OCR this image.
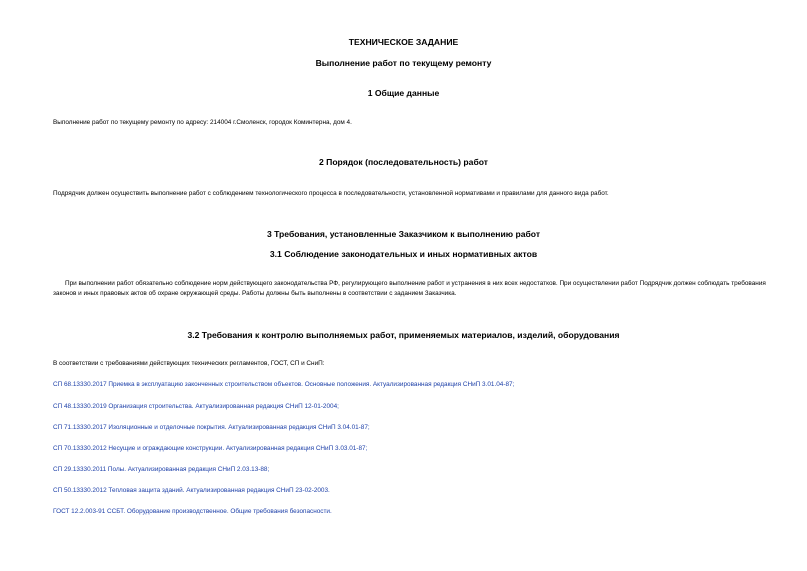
ТЕХНИЧЕСКОЕ ЗАДАНИЕ
Выполнение работ по текущему ремонту
1 Общие данные
Выполнение работ по текущему ремонту по адресу: 214004 г.Смоленск, городок Коминтерна, дом 4.
2 Порядок (последовательность) работ
Подрядчик должен осуществить выполнение работ с соблюдением технологического процесса в последовательности, установленной нормативами и правилами для данного вида работ.
3 Требования, установленные Заказчиком к выполнению работ
3.1 Соблюдение законодательных и иных нормативных актов
При выполнении работ обязательно соблюдение норм действующего законодательства РФ, регулирующего выполнение работ и устранения в них всех недостатков. При осуществлении работ Подрядчик должен соблюдать требования законов и иных правовых актов об охране окружающей среды. Работы должны быть выполнены в соответствии с заданием Заказчика.
3.2 Требования к контролю выполняемых работ, применяемых материалов, изделий, оборудования
В соответствии с требованиями действующих технических регламентов, ГОСТ, СП и СниП:
СП 68.13330.2017 Приемка в эксплуатацию законченных строительством объектов. Основные положения. Актуализированная редакция СНиП 3.01.04-87;
СП 48.13330.2019 Организация строительства. Актуализированная редакция СНиП 12-01-2004;
СП 71.13330.2017 Изоляционные и отделочные покрытия. Актуализированная редакция СНиП 3.04.01-87;
СП 70.13330.2012 Несущие и ограждающие конструкции. Актуализированная редакция СНиП 3.03.01-87;
СП 29.13330.2011 Полы. Актуализированная редакция СНиП 2.03.13-88;
СП 50.13330.2012 Тепловая защита зданий. Актуализированная редакция СНиП 23-02-2003.
ГОСТ 12.2.003-91 ССБТ. Оборудование производственное. Общие требования безопасности.
